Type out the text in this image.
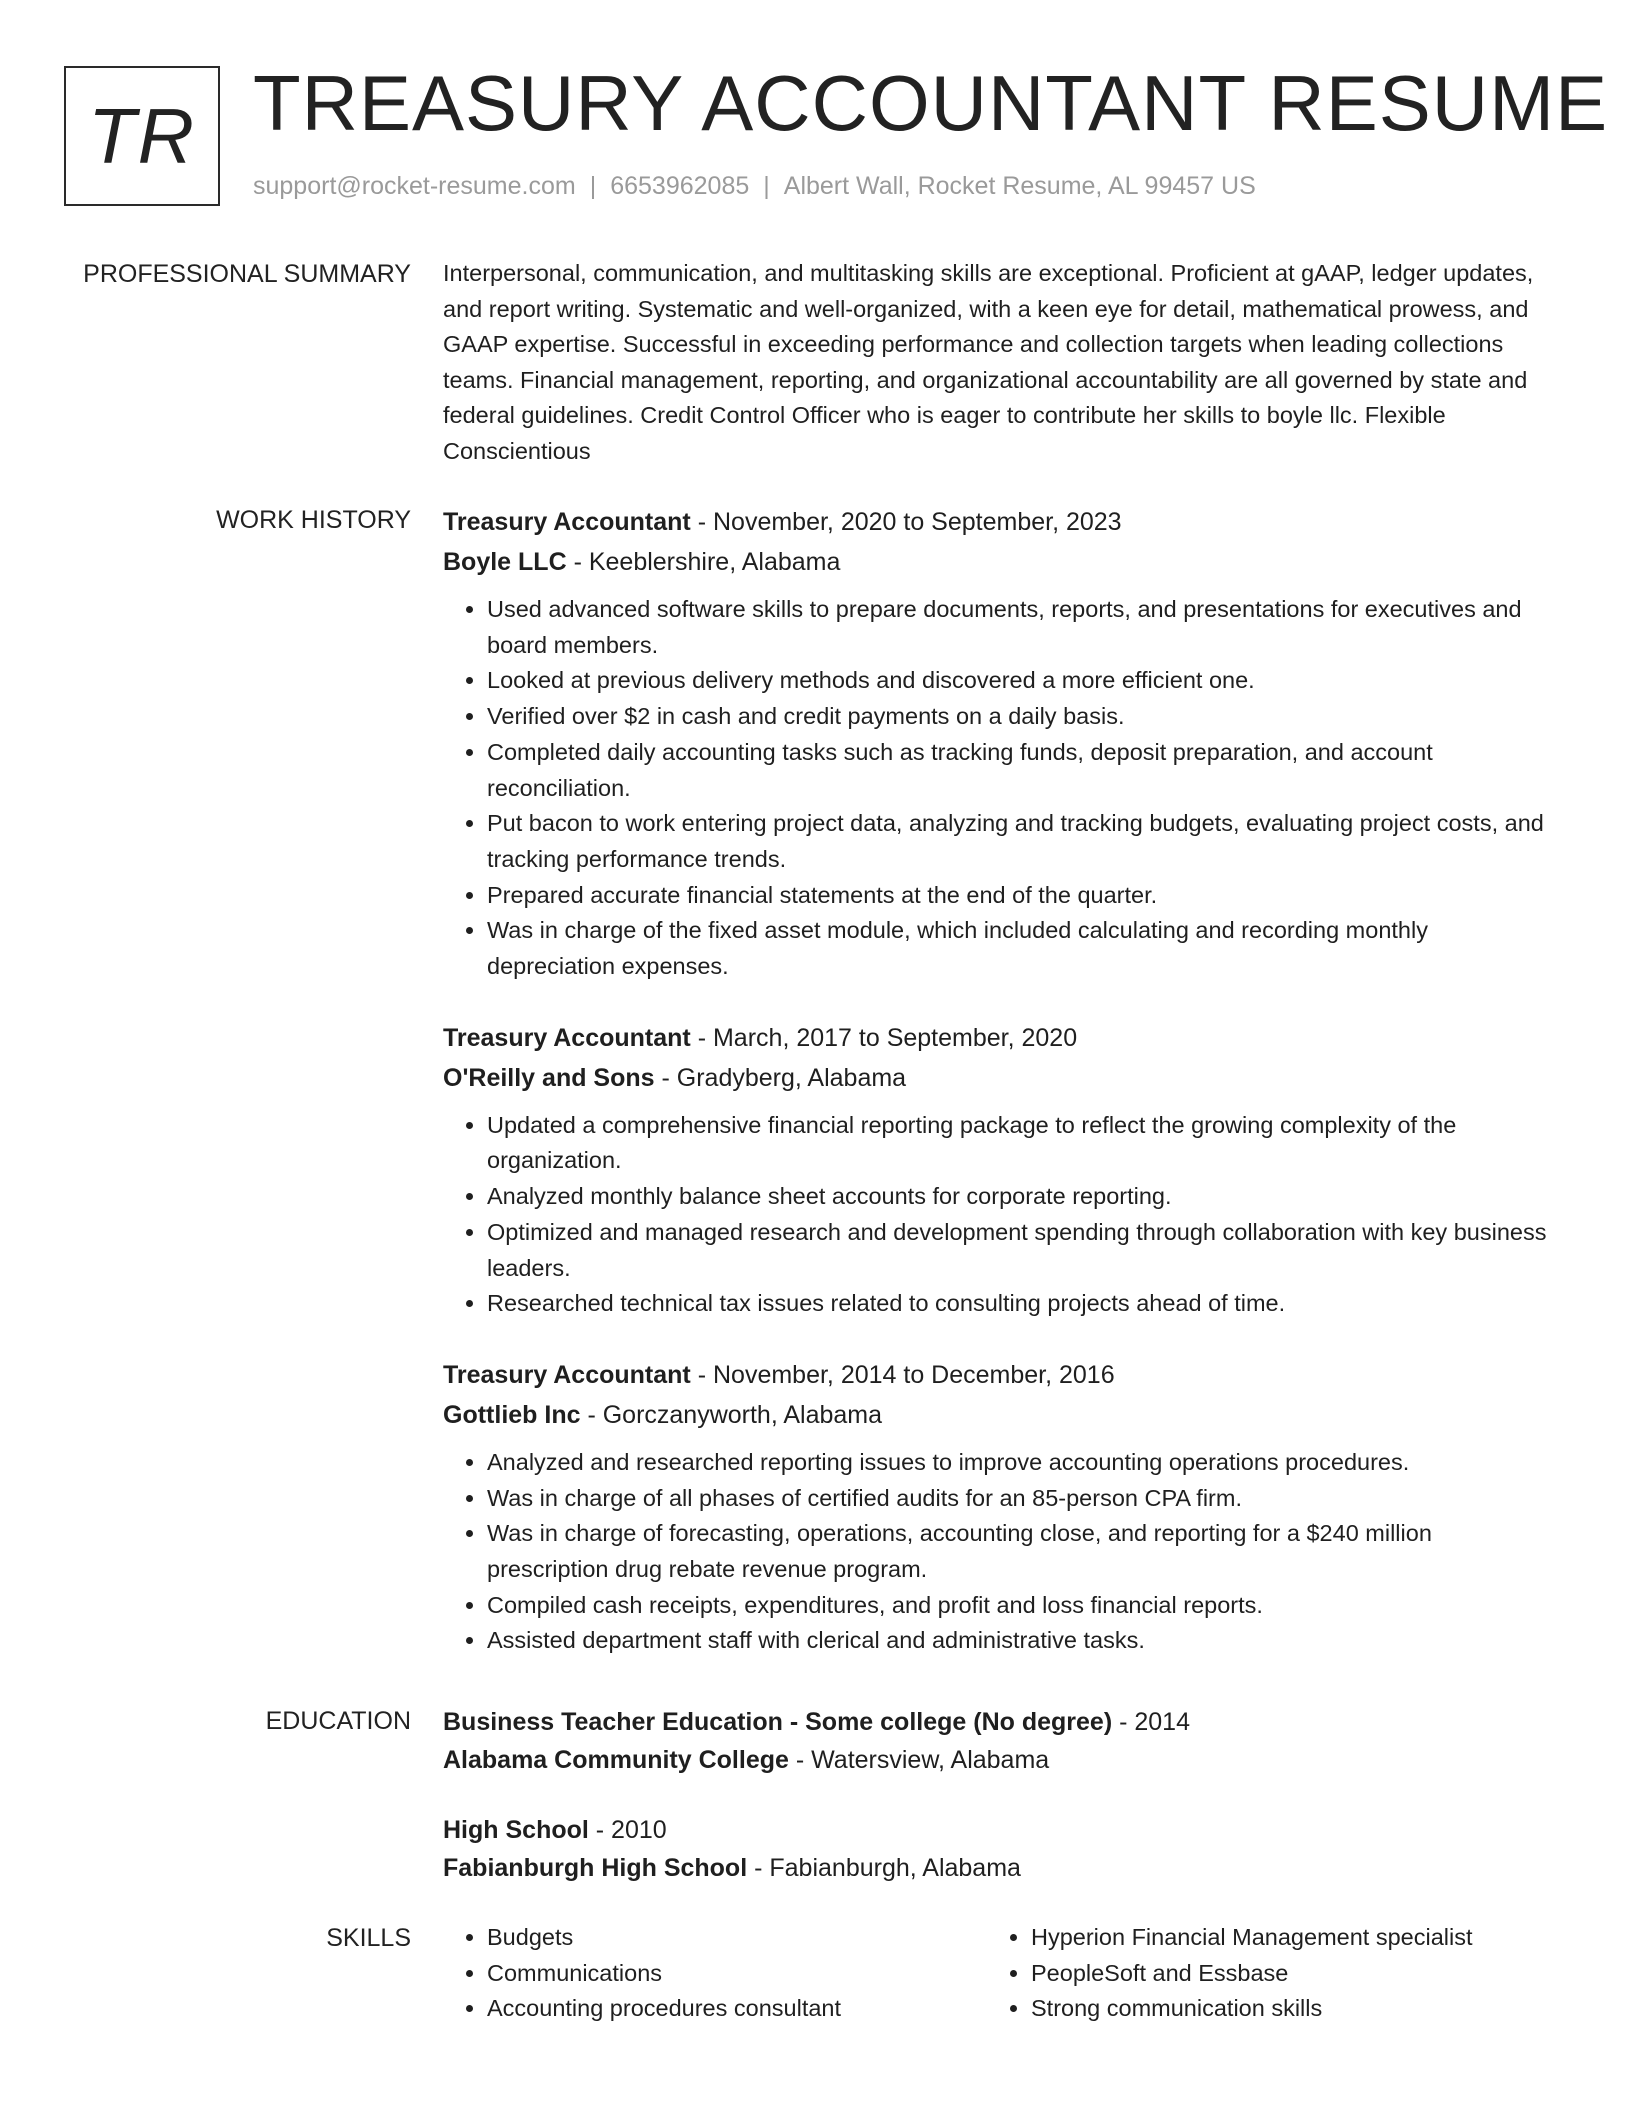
TR TREASURY ACCOUNTANT RESUME
support@rocket-resume.com | 6653962085 | Albert Wall, Rocket Resume, AL 99457 US
PROFESSIONAL SUMMARY Interpersonal, communication, and multitasking skills are exceptional. Proficient at gAAP, ledger updates, and report writing. Systematic and well-organized, with a keen eye for detail, mathematical prowess, and GAAP expertise. Successful in exceeding performance and collection targets when leading collections teams. Financial management, reporting, and organizational accountability are all governed by state and federal guidelines. Credit Control Officer who is eager to contribute her skills to boyle llc. Flexible Conscientious

WORK HISTORY Treasury Accountant - November, 2020 to September, 2023
Boyle LLC - Keeblershire, Alabama
• Used advanced software skills to prepare documents, reports, and presentations for executives and board members.
• Looked at previous delivery methods and discovered a more efficient one.
• Verified over $2 in cash and credit payments on a daily basis.
• Completed daily accounting tasks such as tracking funds, deposit preparation, and account reconciliation.
• Put bacon to work entering project data, analyzing and tracking budgets, evaluating project costs, and tracking performance trends.
• Prepared accurate financial statements at the end of the quarter.
• Was in charge of the fixed asset module, which included calculating and recording monthly depreciation expenses.
Treasury Accountant - March, 2017 to September, 2020
O'Reilly and Sons - Gradyberg, Alabama
• Updated a comprehensive financial reporting package to reflect the growing complexity of the organization.
• Analyzed monthly balance sheet accounts for corporate reporting.
• Optimized and managed research and development spending through collaboration with key business leaders.
• Researched technical tax issues related to consulting projects ahead of time.
Treasury Accountant - November, 2014 to December, 2016
Gottlieb Inc - Gorczanyworth, Alabama
• Analyzed and researched reporting issues to improve accounting operations procedures.
• Was in charge of all phases of certified audits for an 85-person CPA firm.
• Was in charge of forecasting, operations, accounting close, and reporting for a $240 million prescription drug rebate revenue program.
• Compiled cash receipts, expenditures, and profit and loss financial reports.
• Assisted department staff with clerical and administrative tasks.
EDUCATION Business Teacher Education - Some college (No degree) - 2014
Alabama Community College - Watersview, Alabama
High School - 2010
Fabianburgh High School - Fabianburgh, Alabama
SKILLS
•	Budgets
• Communications
• Accounting procedures consultant
• Hyperion Financial Management specialist
• PeopleSoft and Essbase
• Strong communication skills
